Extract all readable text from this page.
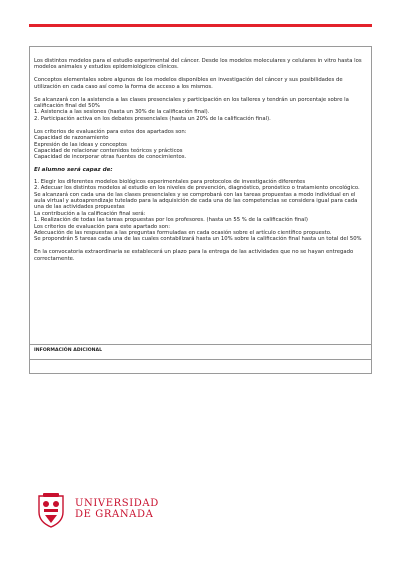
Los distintos modelos para el estudio experimental del cáncer. Desde los modelos moleculares y celulares in vitro hasta los modelos animales y estudios epidemiológicos clínicos.

Conceptos elementales sobre algunos de los modelos disponibles en investigación del cáncer y sus posibilidades de utilización en cada caso así como la forma de acceso a los mismos.

Se alcanzará con la asistencia a las clases presenciales y participación en los talleres y tendrán un porcentaje sobre la calificación final del 50%
1. Asistencia a las sesiones (hasta un 30% de la calificación final).
2. Participación activa en los debates presenciales (hasta un 20% de la calificación final).

Los criterios de evaluación para estos dos apartados son:
Capacidad de razonamiento
Expresión de las ideas y conceptos
Capacidad de relacionar contenidos teóricos y prácticos
Capacidad de incorporar otras fuentes de conocimientos.

El alumno será capaz de:

1. Elegir los diferentes modelos biológicos experimentales para protocolos de investigación diferentes
2. Adecuar los distintos modelos al estudio en los niveles de prevención, diagnóstico, pronóstico o tratamiento oncológico.
Se alcanzará con cada una de las clases presenciales y se comprobará con las tareas propuestas a modo individual en el aula virtual y autoaprendizaje tutelado para la adquisición de cada una de las competencias se considera igual para cada una de las actividades propuestas
La contribución a la calificación final será:
1. Realización de todas las tareas propuestas por los profesores. (hasta un 55 % de la calificación final)
Los criterios de evaluación para este apartado son:
Adecuación de las respuestas a las preguntas formuladas en cada ocasión sobre el artículo científico propuesto.
Se propondrán 5 tareas cada una de las cuales contabilizará hasta un 10% sobre la calificación final hasta un total del 50%

En la convocatoria extraordinaria se establecerá un plazo para la entrega de las actividades que no se hayan entregado correctamente.

INFORMACIÓN ADICIONAL
UNIVERSIDAD
DE GRANADA
